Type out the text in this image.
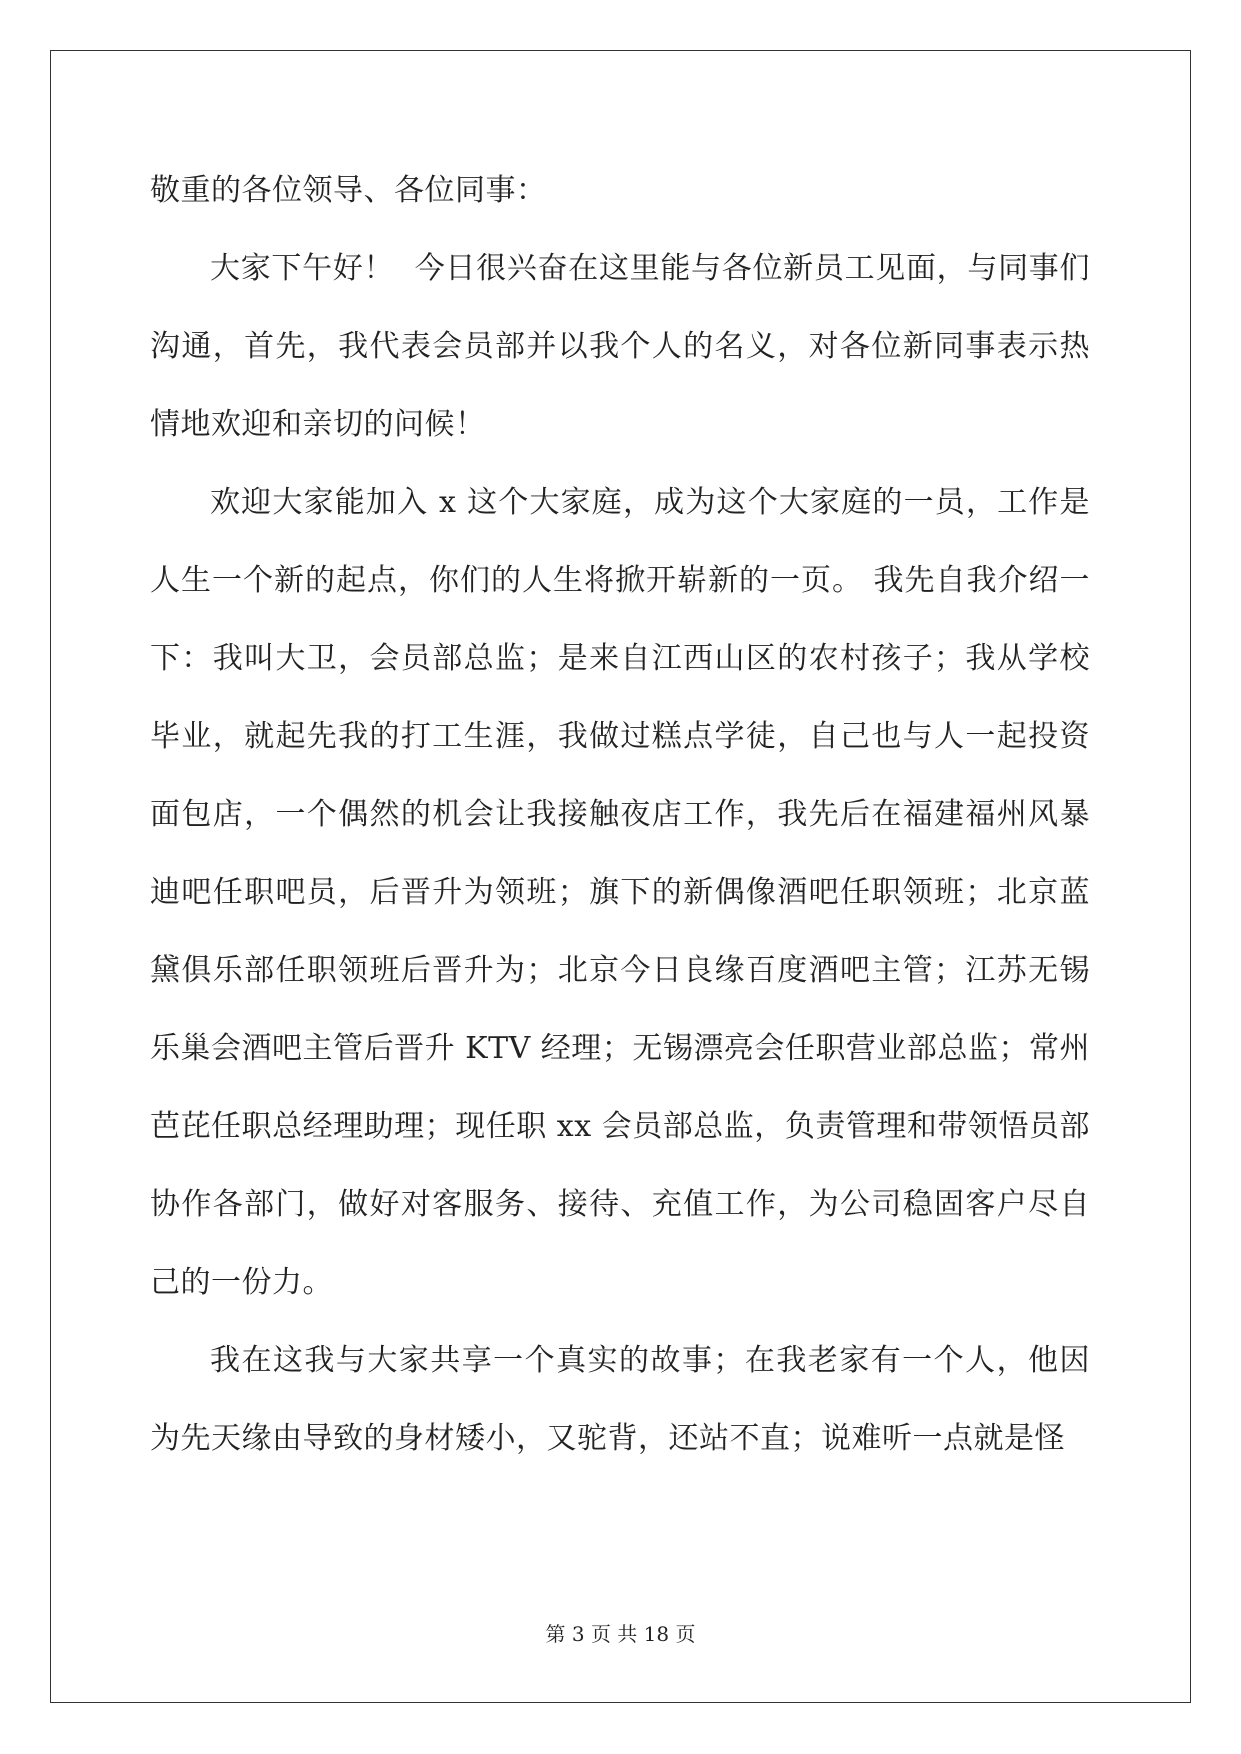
敬重的各位领导、各位同事：

大家下午好！  今日很兴奋在这里能与各位新员工见面，与同事们沟通，首先，我代表会员部并以我个人的名义，对各位新同事表示热情地欢迎和亲切的问候！

欢迎大家能加入 x 这个大家庭，成为这个大家庭的一员，工作是人生一个新的起点，你们的人生将掀开崭新的一页。 我先自我介绍一下：我叫大卫，会员部总监；是来自江西山区的农村孩子；我从学校毕业，就起先我的打工生涯，我做过糕点学徒，自己也与人一起投资面包店，一个偶然的机会让我接触夜店工作，我先后在福建福州风暴迪吧任职吧员，后晋升为领班；旗下的新偶像酒吧任职领班；北京蓝黛俱乐部任职领班后晋升为；北京今日良缘百度酒吧主管；江苏无锡乐巢会酒吧主管后晋升 KTV 经理；无锡漂亮会任职营业部总监；常州芭芘任职总经理助理；现任职 xx 会员部总监，负责管理和带领悟员部协作各部门，做好对客服务、接待、充值工作，为公司稳固客户尽自己的一份力。

我在这我与大家共享一个真实的故事；在我老家有一个人，他因为先天缘由导致的身材矮小，又驼背，还站不直；说难听一点就是怪

第 3 页 共 18 页
